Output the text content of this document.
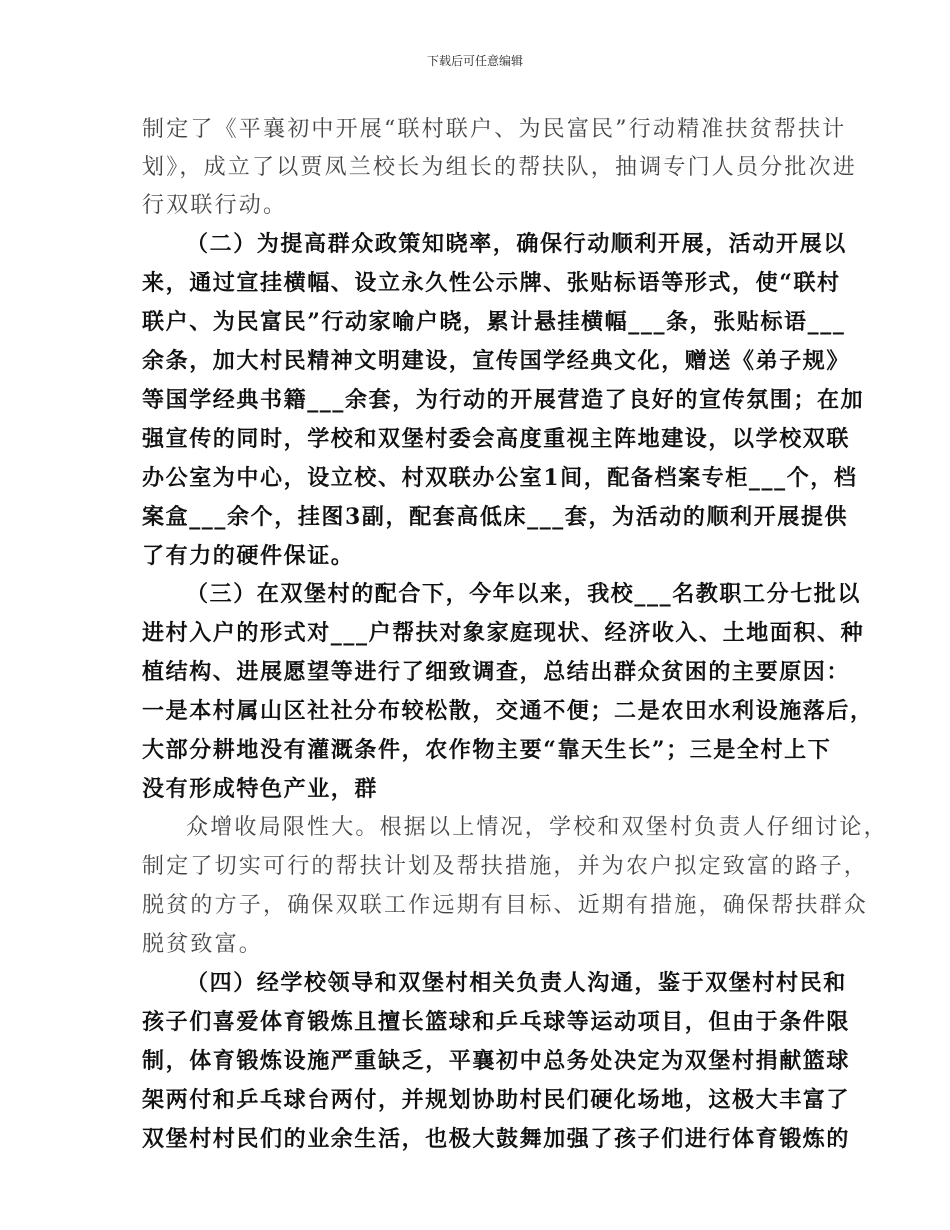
下载后可任意编辑
制定了《平襄初中开展“联村联户、为民富民”行动精准扶贫帮扶计
划》，成立了以贾凤兰校长为组长的帮扶队，抽调专门人员分批次进
行双联行动。
（二）为提高群众政策知晓率，确保行动顺利开展，活动开展以
来，通过宣挂横幅、设立永久性公示牌、张贴标语等形式，使“联村
联户、为民富民”行动家喻户晓，累计悬挂横幅___条，张贴标语___
余条，加大村民精神文明建设，宣传国学经典文化，赠送《弟子规》
等国学经典书籍___余套，为行动的开展营造了良好的宣传氛围；在加
强宣传的同时，学校和双堡村委会高度重视主阵地建设，以学校双联
办公室为中心，设立校、村双联办公室1间，配备档案专柜___个，档
案盒___余个，挂图3副，配套高低床___套，为活动的顺利开展提供
了有力的硬件保证。
（三）在双堡村的配合下，今年以来，我校___名教职工分七批以
进村入户的形式对___户帮扶对象家庭现状、经济收入、土地面积、种
植结构、进展愿望等进行了细致调查，总结出群众贫困的主要原因：
一是本村属山区社社分布较松散，交通不便；二是农田水利设施落后，
大部分耕地没有灌溉条件，农作物主要“靠天生长”；三是全村上下
没有形成特色产业，群
众增收局限性大。根据以上情况，学校和双堡村负责人仔细讨论，
制定了切实可行的帮扶计划及帮扶措施，并为农户拟定致富的路子，
脱贫的方子，确保双联工作远期有目标、近期有措施，确保帮扶群众
脱贫致富。
（四）经学校领导和双堡村相关负责人沟通，鉴于双堡村村民和
孩子们喜爱体育锻炼且擅长篮球和乒乓球等运动项目，但由于条件限
制，体育锻炼设施严重缺乏，平襄初中总务处决定为双堡村捐献篮球
架两付和乒乓球台两付，并规划协助村民们硬化场地，这极大丰富了
双堡村村民们的业余生活，也极大鼓舞加强了孩子们进行体育锻炼的
